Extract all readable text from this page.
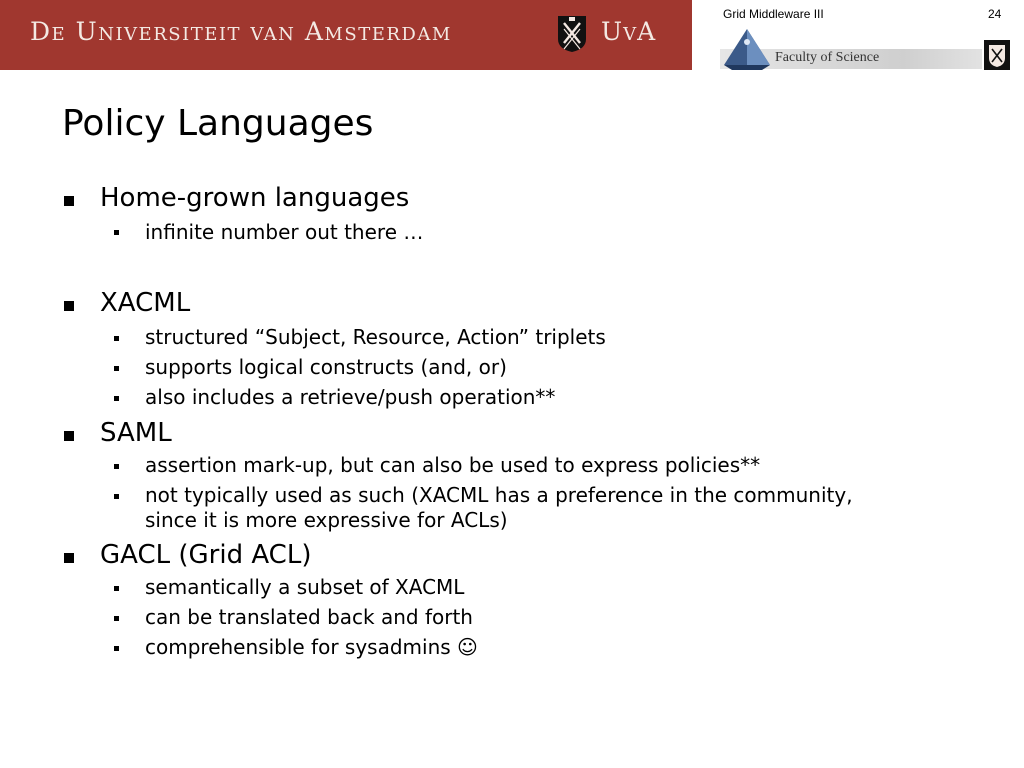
De Universiteit van Amsterdam	UvA
Grid Middleware III	24
Faculty of Science
Policy Languages
Home-grown languages
infinite number out there …
XACML
structured “Subject, Resource, Action” triplets
supports logical constructs (and, or)
also includes a retrieve/push operation**
SAML
assertion mark-up, but can also be used to express policies**
not typically used as such (XACML has a preference in the community,
since it is more expressive for ACLs)
GACL (Grid ACL)
semantically a subset of XACML
can be translated back and forth
comprehensible for sysadmins ☺
